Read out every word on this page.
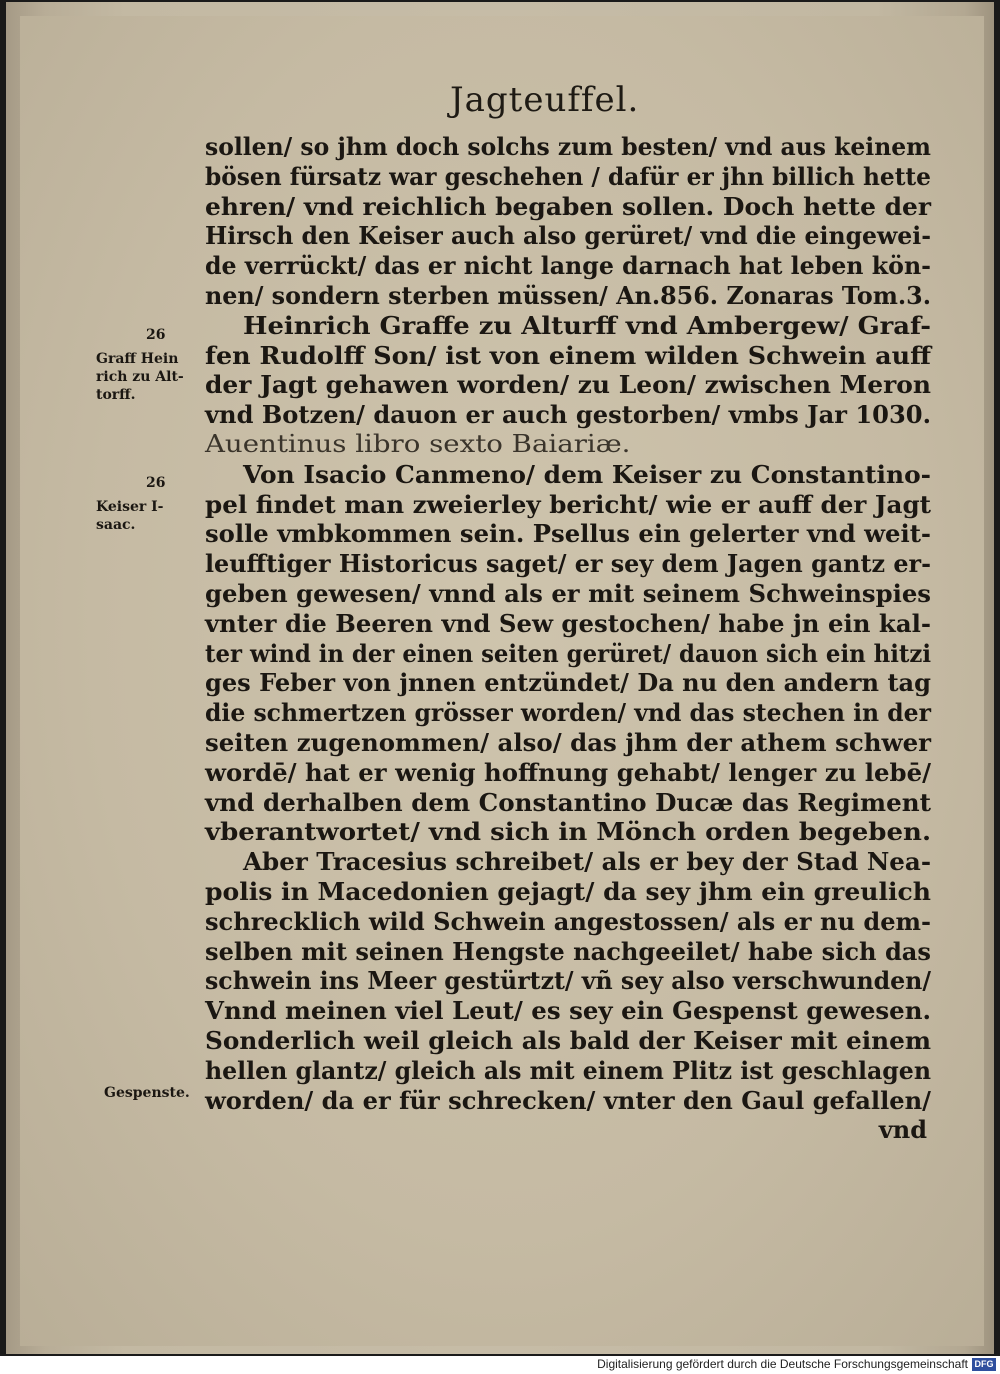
Jagteuffel.
sollen/ so jhm doch solchs zum besten/ vnd aus keinem
bösen fürsatz war geschehen / dafür er jhn billich hette
ehren/ vnd reichlich begaben sollen. Doch hette der
Hirsch den Keiser auch also gerüret/ vnd die eingewei-
de verrückt/ das er nicht lange darnach hat leben kön-
nen/ sondern sterben müssen/ An.856. Zonaras Tom.3.
Heinrich Graffe zu Alturff vnd Ambergew/ Graf-
fen Rudolff Son/ ist von einem wilden Schwein auff
der Jagt gehawen worden/ zu Leon/ zwischen Meron
vnd Botzen/ dauon er auch gestorben/ vmbs Jar 1030.
Auentinus libro sexto Baiariæ.
Von Isacio Canmeno/ dem Keiser zu Constantino-
pel findet man zweierley bericht/ wie er auff der Jagt
solle vmbkommen sein. Psellus ein gelerter vnd weit-
leufftiger Historicus saget/ er sey dem Jagen gantz er-
geben gewesen/ vnnd als er mit seinem Schweinspies
vnter die Beeren vnd Sew gestochen/ habe jn ein kal-
ter wind in der einen seiten gerüret/ dauon sich ein hitzi
ges Feber von jnnen entzündet/ Da nu den andern tag
die schmertzen grösser worden/ vnd das stechen in der
seiten zugenommen/ also/ das jhm der athem schwer
wordē/ hat er wenig hoffnung gehabt/ lenger zu lebē/
vnd derhalben dem Constantino Ducæ das Regiment
vberantwortet/ vnd sich in Mönch orden begeben.
Aber Tracesius schreibet/ als er bey der Stad Nea-
polis in Macedonien gejagt/ da sey jhm ein greulich
schrecklich wild Schwein angestossen/ als er nu dem-
selben mit seinen Hengste nachgeeilet/ habe sich das
schwein ins Meer gestürtzt/ vñ sey also verschwunden/
Vnnd meinen viel Leut/ es sey ein Gespenst gewesen.
Sonderlich weil gleich als bald der Keiser mit einem
hellen glantz/ gleich als mit einem Plitz ist geschlagen
worden/ da er für schrecken/ vnter den Gaul gefallen/
vnd
26
Graff Hein
rich zu Alt-
torff.
26
Keiser I-
saac.
Gespenste.
Digitalisierung gefördert durch die Deutsche Forschungsgemeinschaft DFG
